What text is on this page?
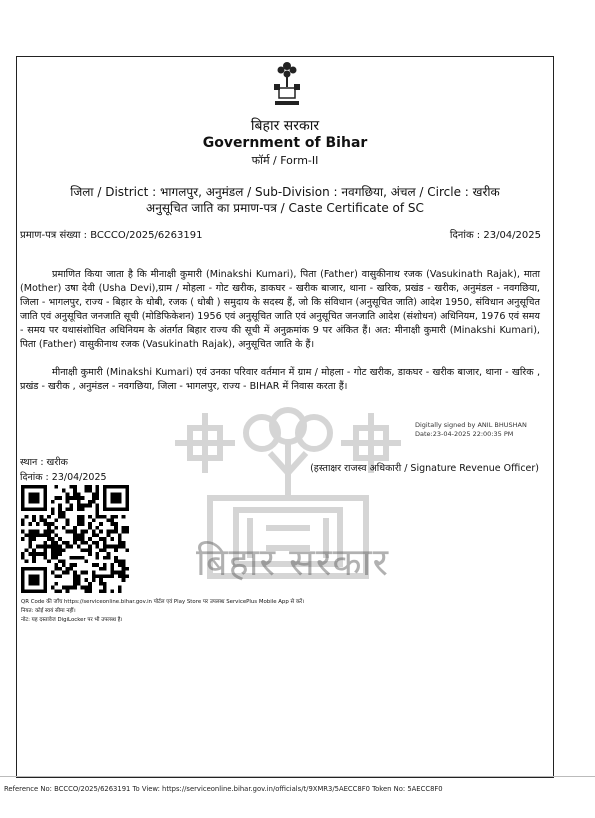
बिहार सरकार
बिहार सरकार
Government of Bihar
फॉर्म / Form-II
जिला / District : भागलपुर, अनुमंडल / Sub-Division : नवगछिया, अंचल / Circle : खरीक
अनुसूचित जाति का प्रमाण-पत्र / Caste Certificate of SC
प्रमाण-पत्र संख्या : BCCCO/2025/6263191	दिनांक : 23/04/2025
प्रमाणित किया जाता है कि मीनाक्षी कुमारी (Minakshi Kumari), पिता (Father) वासुकीनाथ रजक (Vasukinath Rajak), माता (Mother) उषा देवी (Usha Devi),ग्राम / मोहला - गोट खरीक, डाकघर - खरीक बाजार, थाना - खरिक, प्रखंड - खरीक, अनुमंडल - नवगछिया, जिला - भागलपुर, राज्य - बिहार के धोबी, रजक ( धोबी ) समुदाय के सदस्य हैं, जो कि संविधान (अनुसूचित जाति) आदेश 1950, संविधान अनुसूचित जाति एवं अनुसूचित जनजाति सूची (मोडिफिकेशन) 1956 एवं अनुसूचित जाति एवं अनुसूचित जनजाति आदेश (संशोधन) अधिनियम, 1976 एवं समय - समय पर यथासंशोधित अधिनियम के अंतर्गत बिहार राज्य की सूची में अनुक्रमांक 9 पर अंकित हैं। अत: मीनाक्षी कुमारी (Minakshi Kumari), पिता (Father) वासुकीनाथ रजक (Vasukinath Rajak), अनुसूचित जाति के हैं।
मीनाक्षी कुमारी (Minakshi Kumari) एवं उनका परिवार वर्तमान में ग्राम / मोहला - गोट खरीक, डाकघर - खरीक बाजार, थाना - खरिक , प्रखंड - खरीक , अनुमंडल - नवगछिया, जिला - भागलपुर, राज्य - BIHAR में निवास करता हैं।
Digitally signed by ANIL BHUSHAN
Date:23-04-2025 22:00:35 PM
स्थान : खरीक
दिनांक : 23/04/2025
(हस्ताक्षर राजस्व अधिकारी / Signature Revenue Officer)
QR Code की जाँच https://serviceonline.bihar.gov.in पोर्टल एवं Play Store पर उपलब्ध ServicePlus Mobile App से करें।
नियत: कोई स्वयं सीमा नहीं।
नोट: यह दस्तावेज DigiLocker पर भी उपलब्ध है।
Reference No: BCCCO/2025/6263191 To View: https://serviceonline.bihar.gov.in/officials/t/9XMR3/5AECC8F0 Token No: 5AECC8F0
